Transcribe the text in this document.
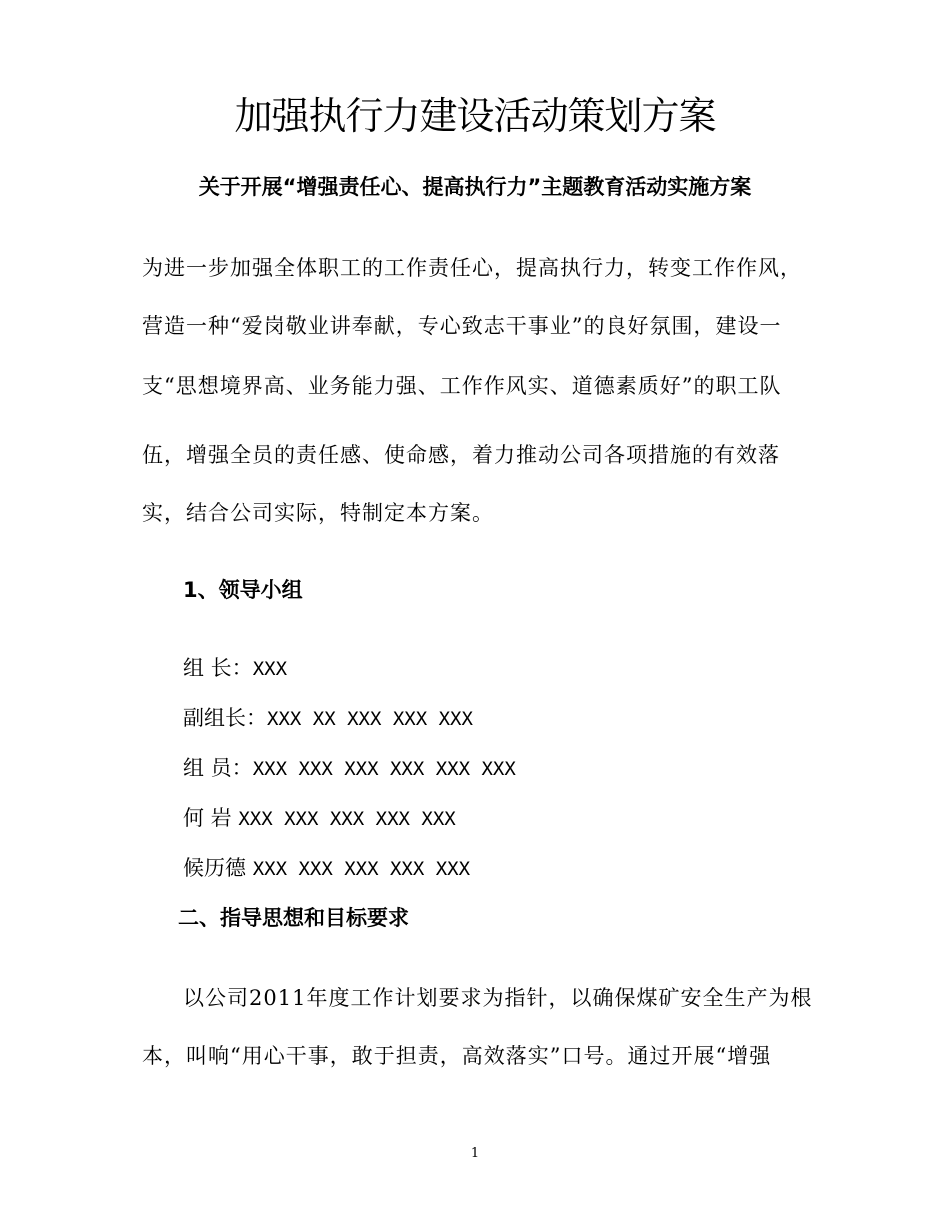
加强执行力建设活动策划方案
关于开展“增强责任心、提高执行力”主题教育活动实施方案
为进一步加强全体职工的工作责任心，提高执行力，转变工作作风，
营造一种“爱岗敬业讲奉献，专心致志干事业”的良好氛围，建设一
支“思想境界高、业务能力强、工作作风实、道德素质好”的职工队
伍，增强全员的责任感、使命感，着力推动公司各项措施的有效落
实，结合公司实际，特制定本方案。
1、领导小组
组 长：XXX
副组长：XXX XX XXX XXX XXX
组 员：XXX XXX XXX XXX XXX XXX
何 岩 XXX XXX XXX XXX XXX
候历德 XXX XXX XXX XXX XXX
二、指导思想和目标要求
以公司2011年度工作计划要求为指针，以确保煤矿安全生产为根
本，叫响“用心干事，敢于担责，高效落实”口号。通过开展“增强
1
